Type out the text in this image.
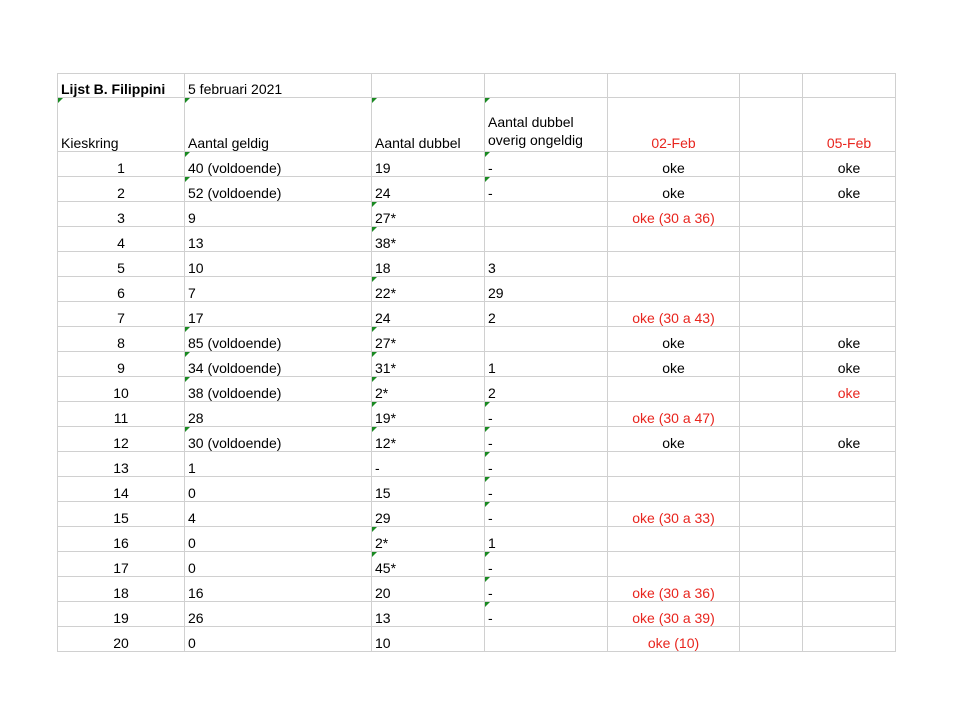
Lijst B. Filippini	5 februari 2021					
Kieskring	Aantal geldig	Aantal dubbel	Aantal dubbel overig ongeldig	02-Feb		05-Feb
1	40 (voldoende)	19	-	oke		oke
2	52 (voldoende)	24	-	oke		oke
3	9	27*		oke (30 a 36)		
4	13	38*				
5	10	18	3			
6	7	22*	29			
7	17	24	2	oke (30 a 43)		
8	85 (voldoende)	27*		oke		oke
9	34 (voldoende)	31*	1	oke		oke
10	38 (voldoende)	2*	2			oke
11	28	19*	-	oke (30 a 47)		
12	30 (voldoende)	12*	-	oke		oke
13	1	-	-			
14	0	15	-			
15	4	29	-	oke (30 a 33)		
16	0	2*	1			
17	0	45*	-			
18	16	20	-	oke (30 a 36)		
19	26	13	-	oke (30 a 39)		
20	0	10		oke (10)		
